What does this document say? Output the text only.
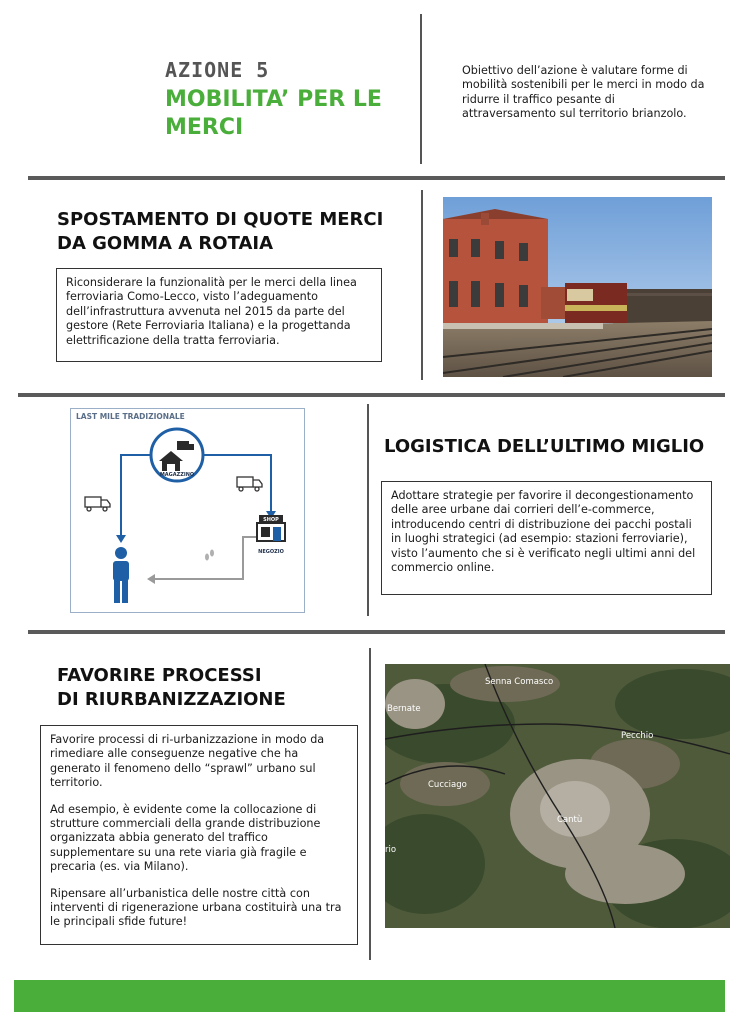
AZIONE 5
MOBILITA’ PER LE
MERCI
Obiettivo dell’azione è valutare forme di mobilità sostenibili per le merci in modo da ridurre il traffico pesante di attraversamento sul territorio brianzolo.
SPOSTAMENTO DI QUOTE MERCI
DA GOMMA A ROTAIA
Riconsiderare la funzionalità per le merci della linea ferroviaria Como-Lecco, visto l’adeguamento dell’infrastruttura avvenuta nel 2015 da parte del gestore (Rete Ferroviaria Italiana) e la progettanda elettrificazione della tratta ferroviaria.
LAST MILE TRADIZIONALE
MAGAZZINO
SHOP
NEGOZIO
LOGISTICA DELL’ULTIMO MIGLIO
Adottare strategie per favorire il decongestionamento delle aree urbane dai corrieri dell’e-commerce, introducendo centri di distribuzione dei pacchi postali in luoghi strategici (ad esempio: stazioni ferroviarie), visto l’aumento che si è verificato negli ultimi anni del commercio online.
FAVORIRE PROCESSI
DI RIURBANIZZAZIONE
Favorire processi di ri-urbanizzazione in modo da rimediare alle conseguenze negative che ha generato il fenomeno dello “sprawl” urbano sul territorio.
Ad esempio, è evidente come la collocazione di strutture commerciali della grande distribuzione organizzata abbia generato del traffico supplementare su una rete viaria già fragile e precaria (es. via Milano).
Ripensare all’urbanistica delle nostre città con interventi di rigenerazione urbana costituirà una tra le principali sfide future!
Senna Comasco
Bernate
Pecchio
Cucciago
Cantù
rio
